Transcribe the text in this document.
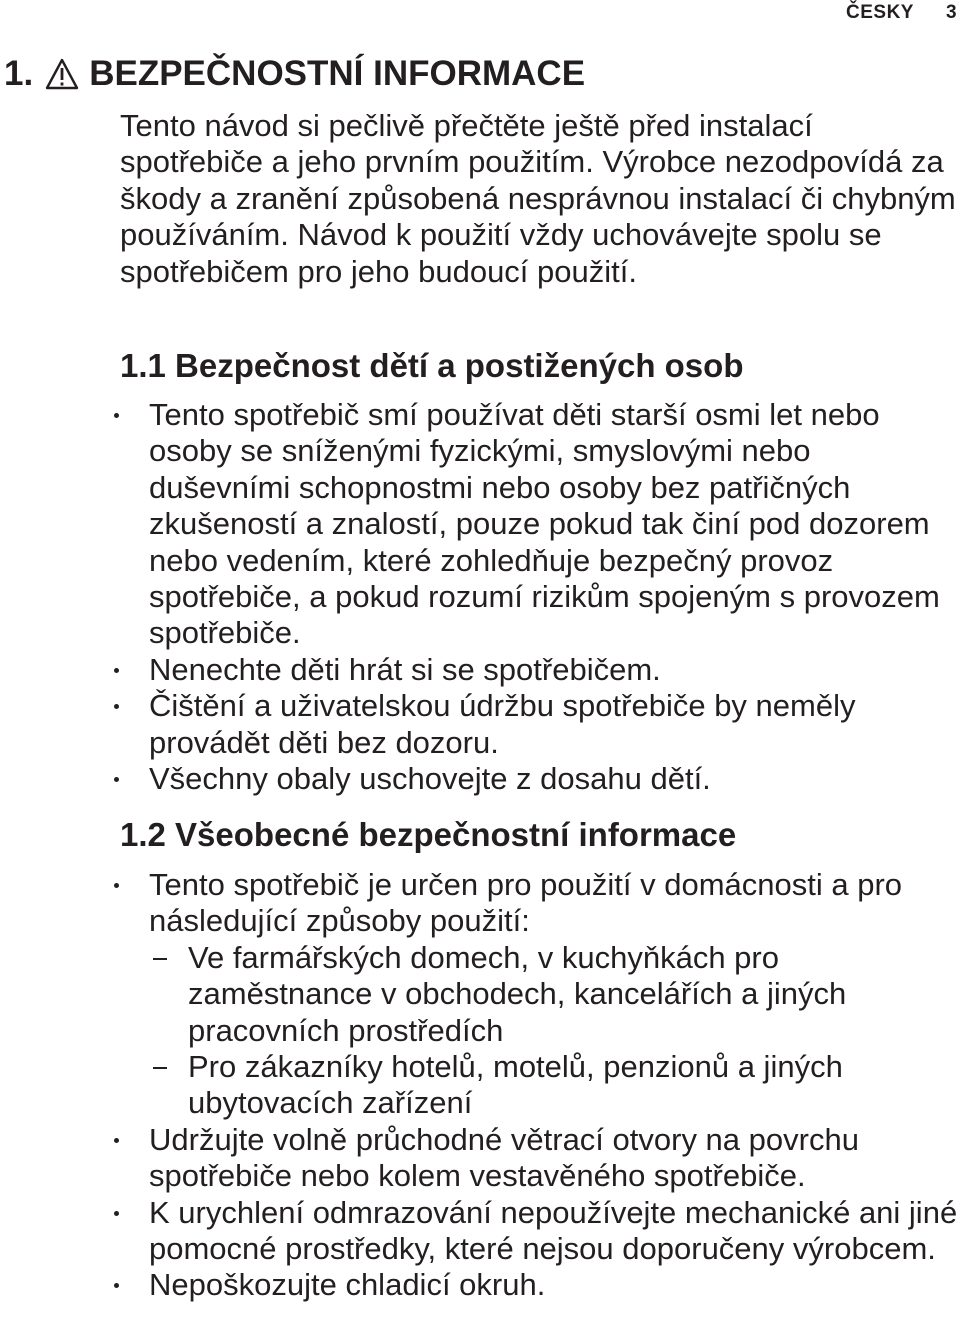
ČESKY 3
1. BEZPEČNOSTNÍ INFORMACE

Tento návod si pečlivě přečtěte ještě před instalací spotřebiče a jeho prvním použitím. Výrobce nezodpovídá za škody a zranění způsobená nesprávnou instalací či chybným používáním. Návod k použití vždy uchovávejte spolu se spotřebičem pro jeho budoucí použití.

1.1 Bezpečnost dětí a postižených osob
Tento spotřebič smí používat děti starší osmi let nebo osoby se sníženými fyzickými, smyslovými nebo duševními schopnostmi nebo osoby bez patřičných zkušeností a znalostí, pouze pokud tak činí pod dozorem nebo vedením, které zohledňuje bezpečný provoz spotřebiče, a pokud rozumí rizikům spojeným s provozem spotřebiče.
Nenechte děti hrát si se spotřebičem.
Čištění a uživatelskou údržbu spotřebiče by neměly provádět děti bez dozoru.
Všechny obaly uschovejte z dosahu dětí.
1.2 Všeobecné bezpečnostní informace
Tento spotřebič je určen pro použití v domácnosti a pro následující způsoby použití:
Ve farmářských domech, v kuchyňkách pro zaměstnance v obchodech, kancelářích a jiných pracovních prostředích
Pro zákazníky hotelů, motelů, penzionů a jiných ubytovacích zařízení
Udržujte volně průchodné větrací otvory na povrchu spotřebiče nebo kolem vestavěného spotřebiče.
K urychlení odmrazování nepoužívejte mechanické ani jiné pomocné prostředky, které nejsou doporučeny výrobcem.
Nepoškozujte chladicí okruh.
